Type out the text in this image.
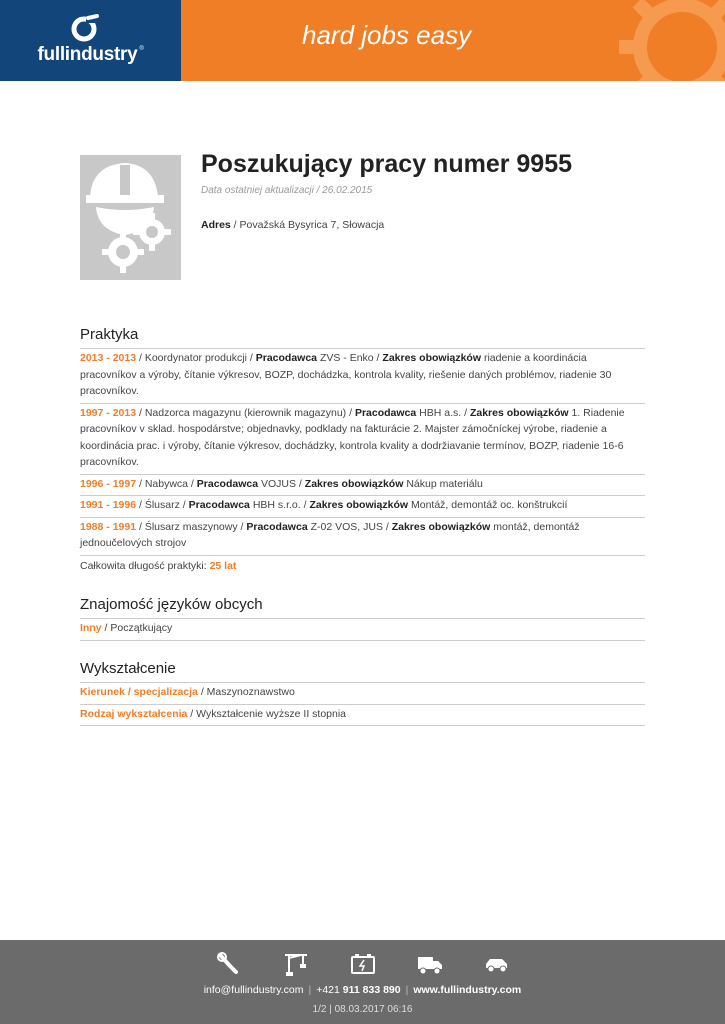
fullindustry ®	hard jobs easy
Poszukujący pracy numer 9955
Data ostatniej aktualizacji / 26.02.2015
Adres / Považská Bysyrica 7, Słowacja
Praktyka
2013 - 2013 / Koordynator produkcji / Pracodawca ZVS - Enko / Zakres obowiązków riadenie a koordinácia pracovníkov a výroby, čítanie výkresov, BOZP, dochádzka, kontrola kvality, riešenie daných problémov, riadenie 30 pracovníkov.
1997 - 2013 / Nadzorca magazynu (kierownik magazynu) / Pracodawca HBH a.s. / Zakres obowiązków 1. Riadenie pracovníkov v sklad. hospodárstve; objednavky, podklady na fakturácie 2. Majster zámočníckej výrobe, riadenie a koordinácia prac. i výroby, čítanie výkresov, dochádzky, kontrola kvality a dodržiavanie termínov, BOZP, riadenie 16-6 pracovníkov.
1996 - 1997 / Nabywca / Pracodawca VOJUS / Zakres obowiązków Nákup materiálu
1991 - 1996 / Ślusarz / Pracodawca HBH s.r.o. / Zakres obowiązków Montáž, demontáž oc. konštrukcií
1988 - 1991 / Ślusarz maszynowy / Pracodawca Z-02 VOS, JUS / Zakres obowiązków montáž, demontáž jednoučelových strojov
Całkowita długość praktyki: 25 lat
Znajomość języków obcych
Inny / Początkujący
Wykształcenie
Kierunek / specjalizacja / Maszynoznawstwo
Rodzaj wykształcenia / Wykształcenie wyższe II stopnia
info@fullindustry.com | +421 911 833 890 | www.fullindustry.com
1/2 | 08.03.2017 06:16
